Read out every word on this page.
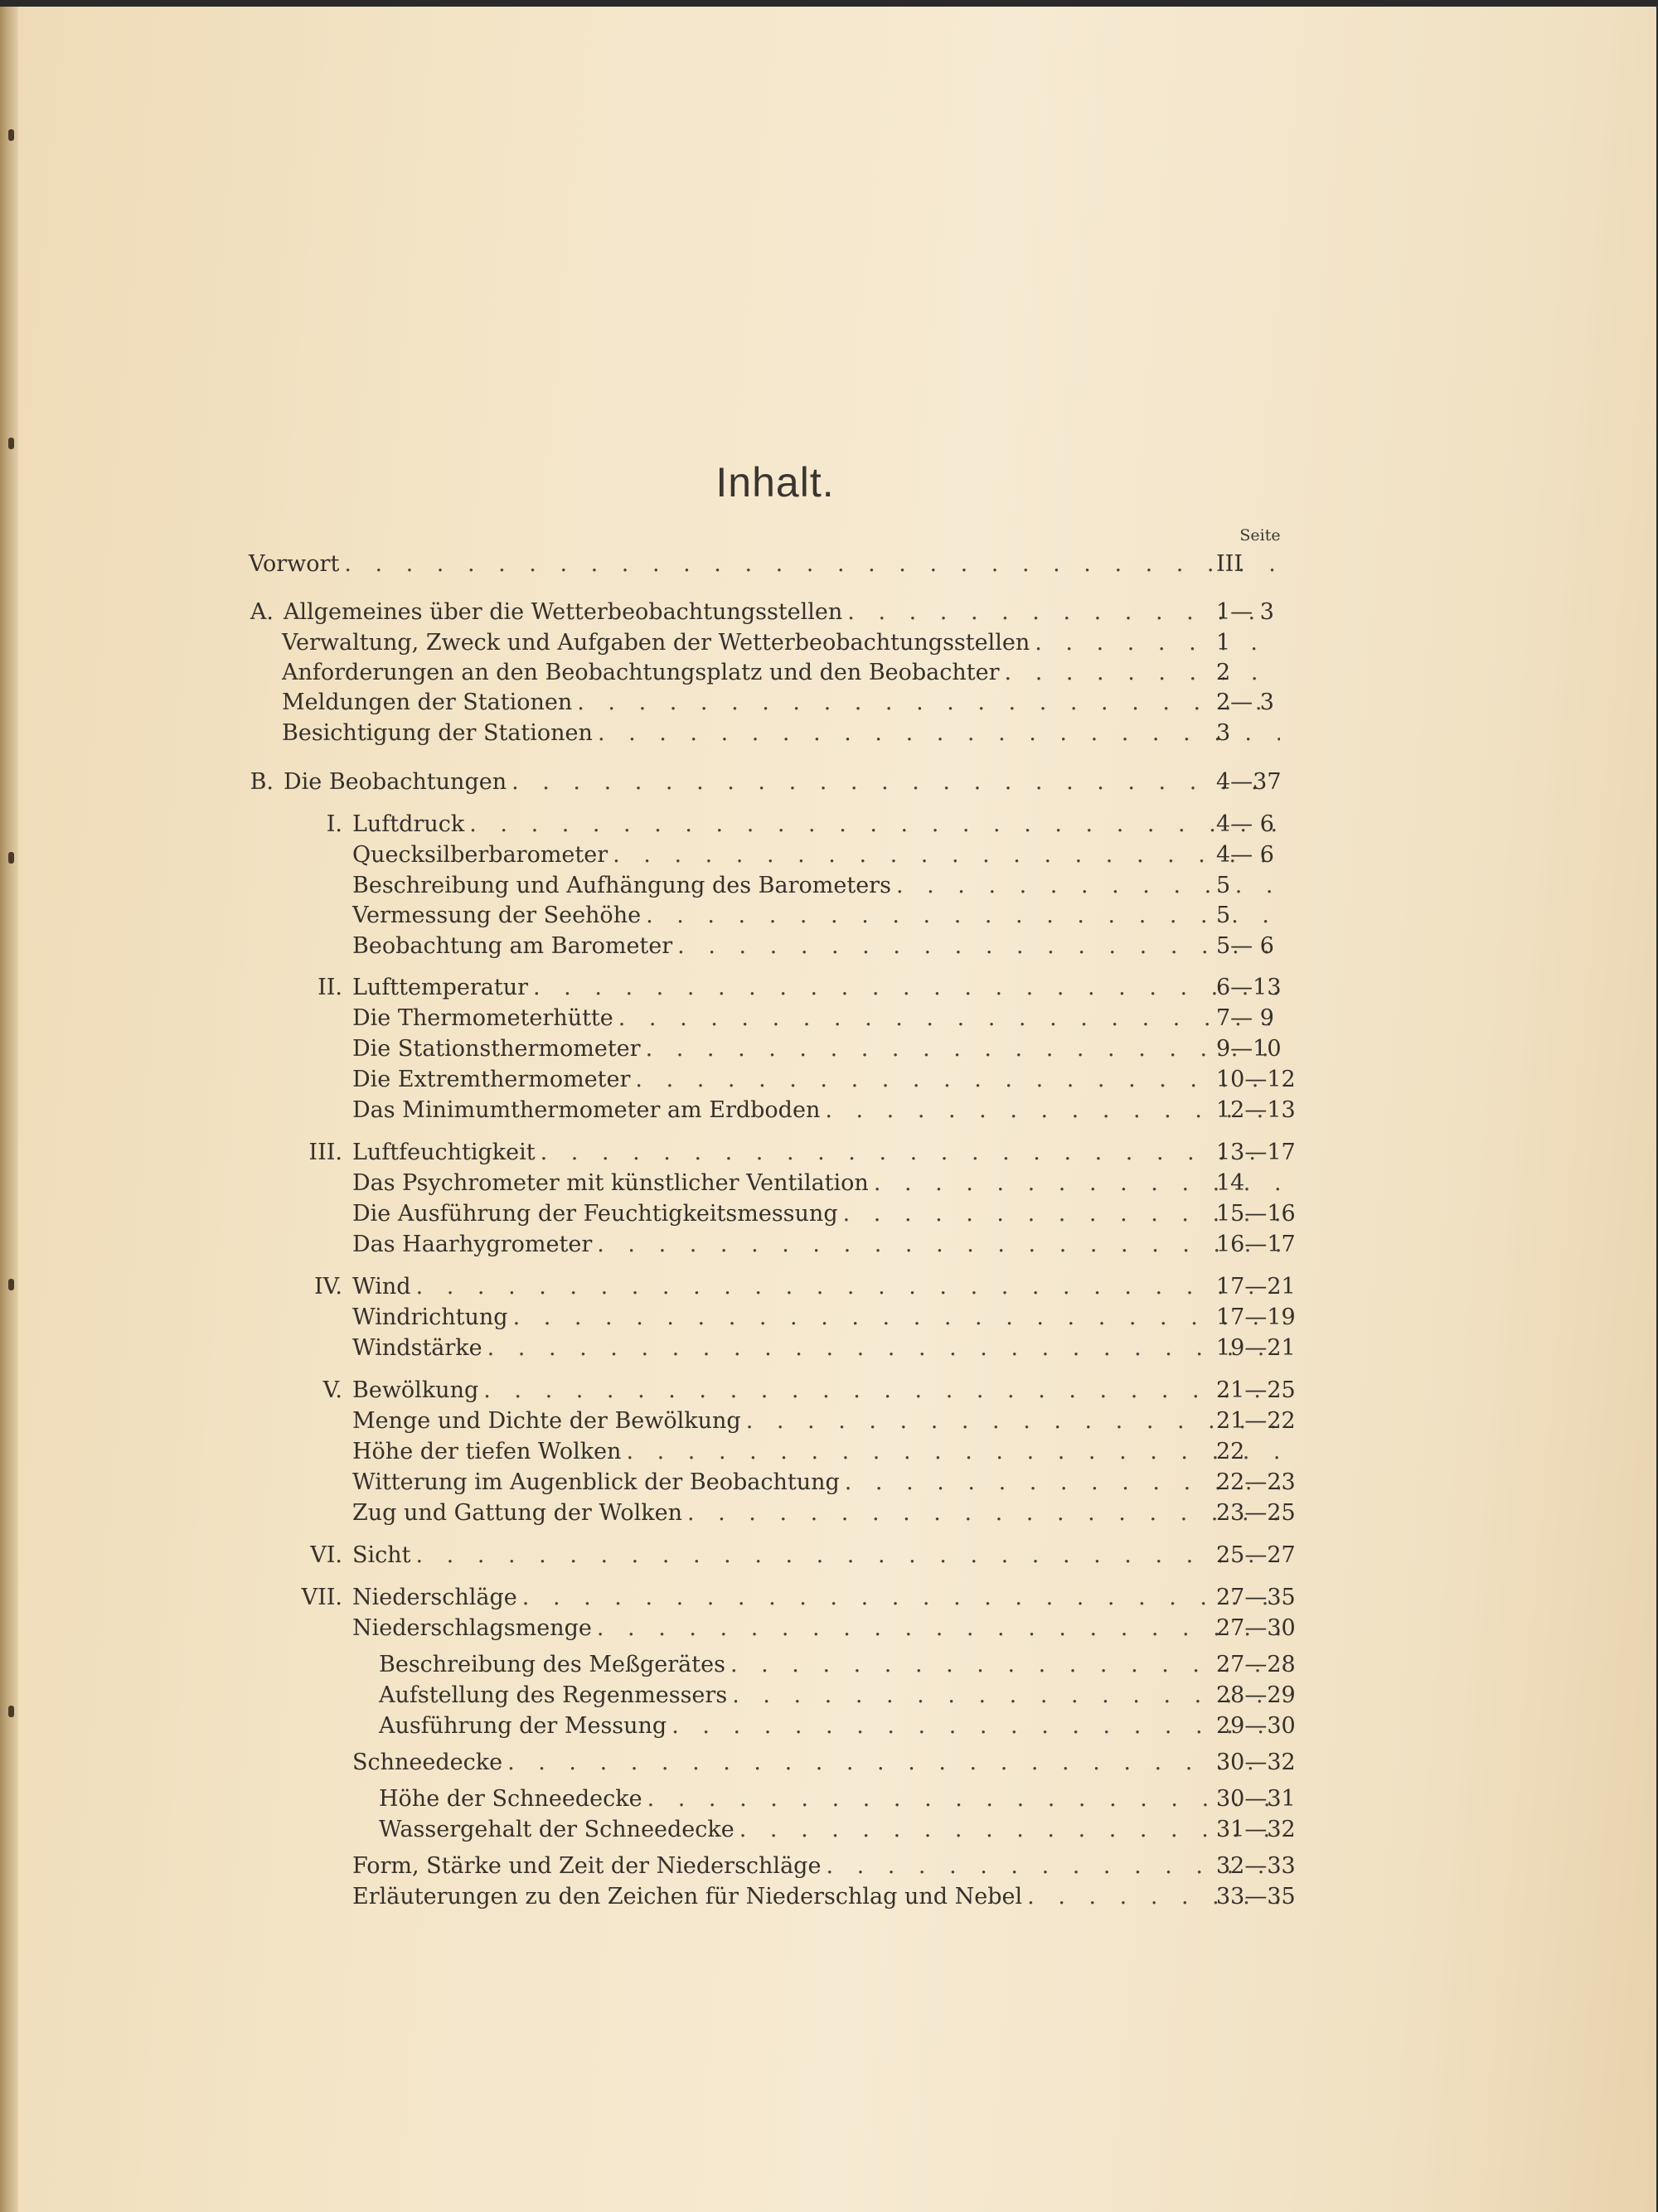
Inhalt.
Seite
Vorwort . . .	III
A. Allgemeines über die Wetterbeobachtungsstellen . . .	1— 3
Verwaltung, Zweck und Aufgaben der Wetterbeobachtungsstellen . . .	1
Anforderungen an den Beobachtungsplatz und den Beobachter . . .	2
Meldungen der Stationen . . .	2— 3
Besichtigung der Stationen . . .	3
B. Die Beobachtungen . . .	4—37
I. Luftdruck . . .	4— 6
Quecksilberbarometer . . .	4— 6
Beschreibung und Aufhängung des Barometers . . .	5
Vermessung der Seehöhe . . .	5
Beobachtung am Barometer . . .	5— 6
II. Lufttemperatur . . .	6—13
Die Thermometerhütte . . .	7— 9
Die Stationsthermometer . . .	9—10
Die Extremthermometer . . .	10—12
Das Minimumthermometer am Erdboden . . .	12—13
III. Luftfeuchtigkeit . . .	13—17
Das Psychrometer mit künstlicher Ventilation . . .	14
Die Ausführung der Feuchtigkeitsmessung . . .	15—16
Das Haarhygrometer . . .	16—17
IV. Wind . . .	17—21
Windrichtung . . .	17—19
Windstärke . . .	19—21
V. Bewölkung . . .	21—25
Menge und Dichte der Bewölkung . . .	21—22
Höhe der tiefen Wolken . . .	22
Witterung im Augenblick der Beobachtung . . .	22—23
Zug und Gattung der Wolken . . .	23—25
VI. Sicht . . .	25—27
VII. Niederschläge . . .	27—35
Niederschlagsmenge . . .	27—30
Beschreibung des Meßgerätes . . .	27—28
Aufstellung des Regenmessers . . .	28—29
Ausführung der Messung . . .	29—30
Schneedecke . . .	30—32
Höhe der Schneedecke . . .	30—31
Wassergehalt der Schneedecke . . .	31—32
Form, Stärke und Zeit der Niederschläge . . .	32—33
Erläuterungen zu den Zeichen für Niederschlag und Nebel . . .	33—35
